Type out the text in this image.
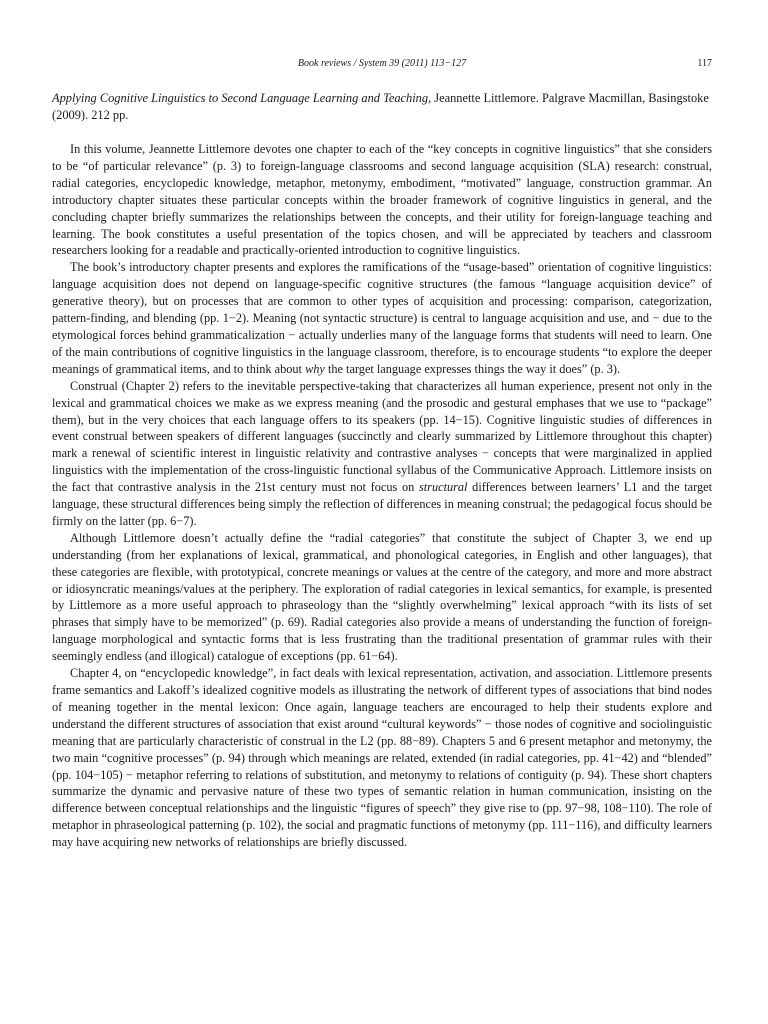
Book reviews / System 39 (2011) 113−127	117
Applying Cognitive Linguistics to Second Language Learning and Teaching, Jeannette Littlemore. Palgrave Macmillan, Basingstoke (2009). 212 pp.

In this volume, Jeannette Littlemore devotes one chapter to each of the “key concepts in cognitive linguistics” that she considers to be “of particular relevance” (p. 3) to foreign-language classrooms and second language acquisition (SLA) research: construal, radial categories, encyclopedic knowledge, metaphor, metonymy, embodiment, “motivated” language, construction grammar. An introductory chapter situates these particular concepts within the broader framework of cognitive linguistics in general, and the concluding chapter briefly summarizes the relationships between the concepts, and their utility for foreign-language teaching and learning. The book constitutes a useful presentation of the topics chosen, and will be appreciated by teachers and classroom researchers looking for a readable and practically-oriented introduction to cognitive linguistics.

The book’s introductory chapter presents and explores the ramifications of the “usage-based” orientation of cognitive linguistics: language acquisition does not depend on language-specific cognitive structures (the famous “language acquisition device” of generative theory), but on processes that are common to other types of acquisition and processing: comparison, categorization, pattern-finding, and blending (pp. 1−2). Meaning (not syntactic structure) is central to language acquisition and use, and − due to the etymological forces behind grammaticalization − actually underlies many of the language forms that students will need to learn. One of the main contributions of cognitive linguistics in the language classroom, therefore, is to encourage students “to explore the deeper meanings of grammatical items, and to think about why the target language expresses things the way it does” (p. 3).

Construal (Chapter 2) refers to the inevitable perspective-taking that characterizes all human experience, present not only in the lexical and grammatical choices we make as we express meaning (and the prosodic and gestural emphases that we use to “package” them), but in the very choices that each language offers to its speakers (pp. 14−15). Cognitive linguistic studies of differences in event construal between speakers of different languages (succinctly and clearly summarized by Littlemore throughout this chapter) mark a renewal of scientific interest in linguistic relativity and contrastive analyses − concepts that were marginalized in applied linguistics with the implementation of the cross-linguistic functional syllabus of the Communicative Approach. Littlemore insists on the fact that contrastive analysis in the 21st century must not focus on structural differences between learners’ L1 and the target language, these structural differences being simply the reflection of differences in meaning construal; the pedagogical focus should be firmly on the latter (pp. 6−7).

Although Littlemore doesn’t actually define the “radial categories” that constitute the subject of Chapter 3, we end up understanding (from her explanations of lexical, grammatical, and phonological categories, in English and other languages), that these categories are flexible, with prototypical, concrete meanings or values at the centre of the category, and more and more abstract or idiosyncratic meanings/values at the periphery. The exploration of radial categories in lexical semantics, for example, is presented by Littlemore as a more useful approach to phraseology than the “slightly overwhelming” lexical approach “with its lists of set phrases that simply have to be memorized” (p. 69). Radial categories also provide a means of understanding the function of foreign-language morphological and syntactic forms that is less frustrating than the traditional presentation of grammar rules with their seemingly endless (and illogical) catalogue of exceptions (pp. 61−64).

Chapter 4, on “encyclopedic knowledge”, in fact deals with lexical representation, activation, and association. Littlemore presents frame semantics and Lakoff’s idealized cognitive models as illustrating the network of different types of associations that bind nodes of meaning together in the mental lexicon: Once again, language teachers are encouraged to help their students explore and understand the different structures of association that exist around “cultural keywords” − those nodes of cognitive and sociolinguistic meaning that are particularly characteristic of construal in the L2 (pp. 88−89). Chapters 5 and 6 present metaphor and metonymy, the two main “cognitive processes” (p. 94) through which meanings are related, extended (in radial categories, pp. 41−42) and “blended” (pp. 104−105) − metaphor referring to relations of substitution, and metonymy to relations of contiguity (p. 94). These short chapters summarize the dynamic and pervasive nature of these two types of semantic relation in human communication, insisting on the difference between conceptual relationships and the linguistic “figures of speech” they give rise to (pp. 97−98, 108−110). The role of metaphor in phraseological patterning (p. 102), the social and pragmatic functions of metonymy (pp. 111−116), and difficulty learners may have acquiring new networks of relationships are briefly discussed.
